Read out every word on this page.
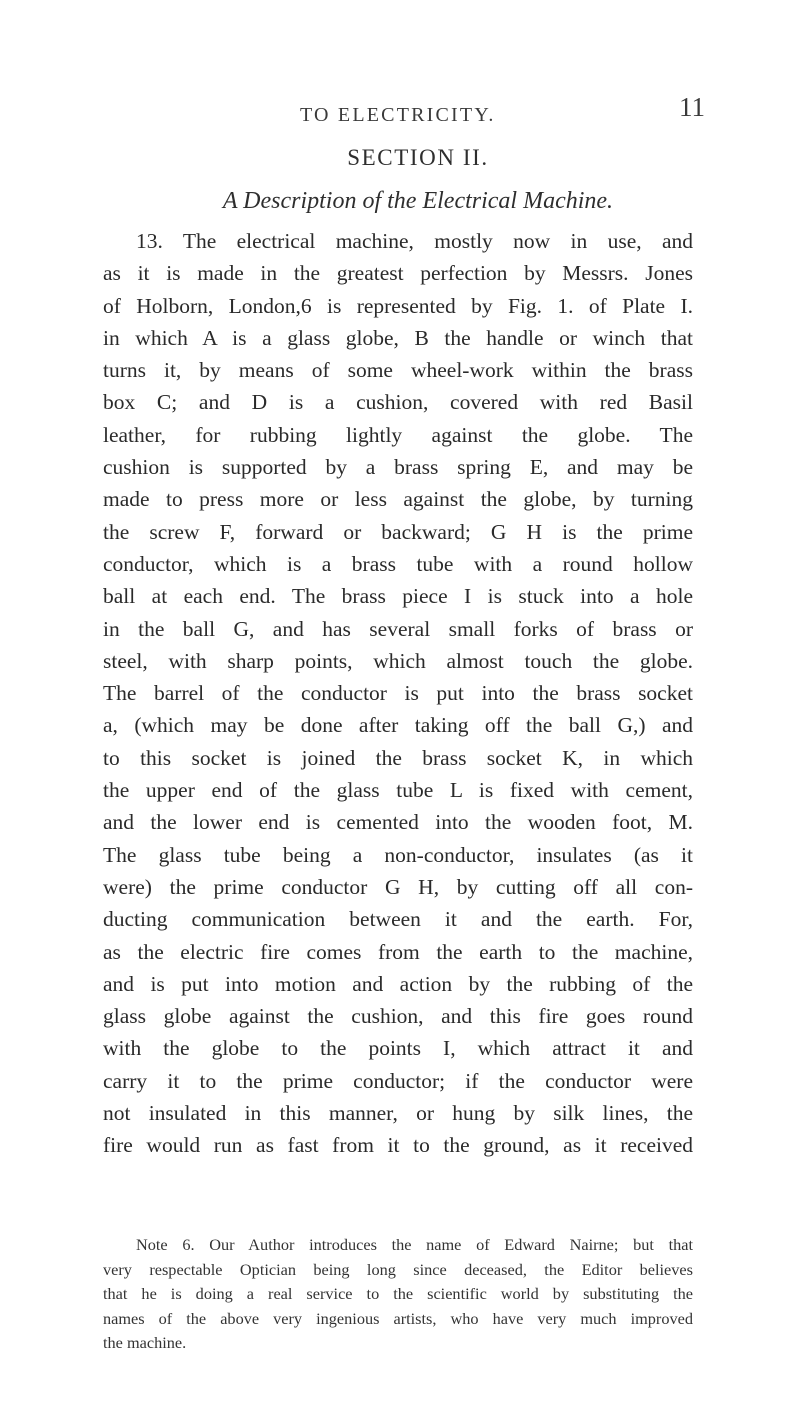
TO ELECTRICITY.	11
SECTION II.
A Description of the Electrical Machine.
13. The electrical machine, mostly now in use, and
as it is made in the greatest perfection by Messrs. Jones
of Holborn, London,6 is represented by Fig. 1. of Plate I.
in which A is a glass globe, B the handle or winch that
turns it, by means of some wheel-work within the brass
box C; and D is a cushion, covered with red Basil
leather, for rubbing lightly against the globe. The
cushion is supported by a brass spring E, and may be
made to press more or less against the globe, by turning
the screw F, forward or backward; G H is the prime
conductor, which is a brass tube with a round hollow
ball at each end. The brass piece I is stuck into a hole
in the ball G, and has several small forks of brass or
steel, with sharp points, which almost touch the globe.
The barrel of the conductor is put into the brass socket
a, (which may be done after taking off the ball G,) and
to this socket is joined the brass socket K, in which
the upper end of the glass tube L is fixed with cement,
and the lower end is cemented into the wooden foot, M.
The glass tube being a non-conductor, insulates (as it
were) the prime conductor G H, by cutting off all con-
ducting communication between it and the earth. For,
as the electric fire comes from the earth to the machine,
and is put into motion and action by the rubbing of the
glass globe against the cushion, and this fire goes round
with the globe to the points I, which attract it and
carry it to the prime conductor; if the conductor were
not insulated in this manner, or hung by silk lines, the
fire would run as fast from it to the ground, as it received
Note 6. Our Author introduces the name of Edward Nairne; but that
very respectable Optician being long since deceased, the Editor believes
that he is doing a real service to the scientific world by substituting the
names of the above very ingenious artists, who have very much improved
the machine.
